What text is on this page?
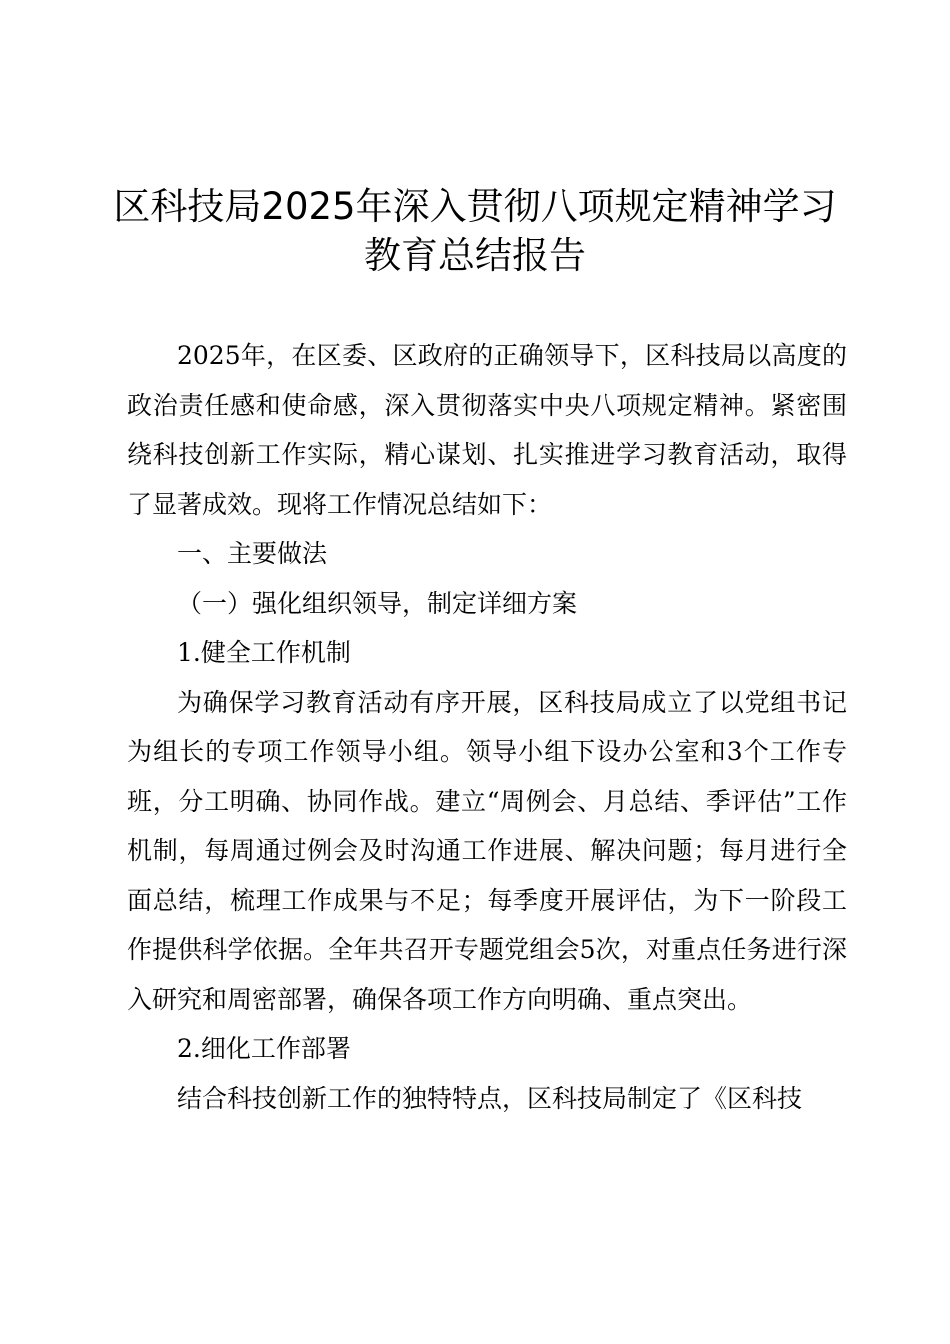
区科技局2025年深入贯彻八项规定精神学习
教育总结报告

2025年，在区委、区政府的正确领导下，区科技局以高度的政治责任感和使命感，深入贯彻落实中央八项规定精神。紧密围绕科技创新工作实际，精心谋划、扎实推进学习教育活动，取得了显著成效。现将工作情况总结如下：

一、主要做法

（一）强化组织领导，制定详细方案

1.健全工作机制

为确保学习教育活动有序开展，区科技局成立了以党组书记为组长的专项工作领导小组。领导小组下设办公室和3个工作专班，分工明确、协同作战。建立“周例会、月总结、季评估”工作机制，每周通过例会及时沟通工作进展、解决问题；每月进行全面总结，梳理工作成果与不足；每季度开展评估，为下一阶段工作提供科学依据。全年共召开专题党组会5次，对重点任务进行深入研究和周密部署，确保各项工作方向明确、重点突出。

2.细化工作部署

结合科技创新工作的独特特点，区科技局制定了《区科技
